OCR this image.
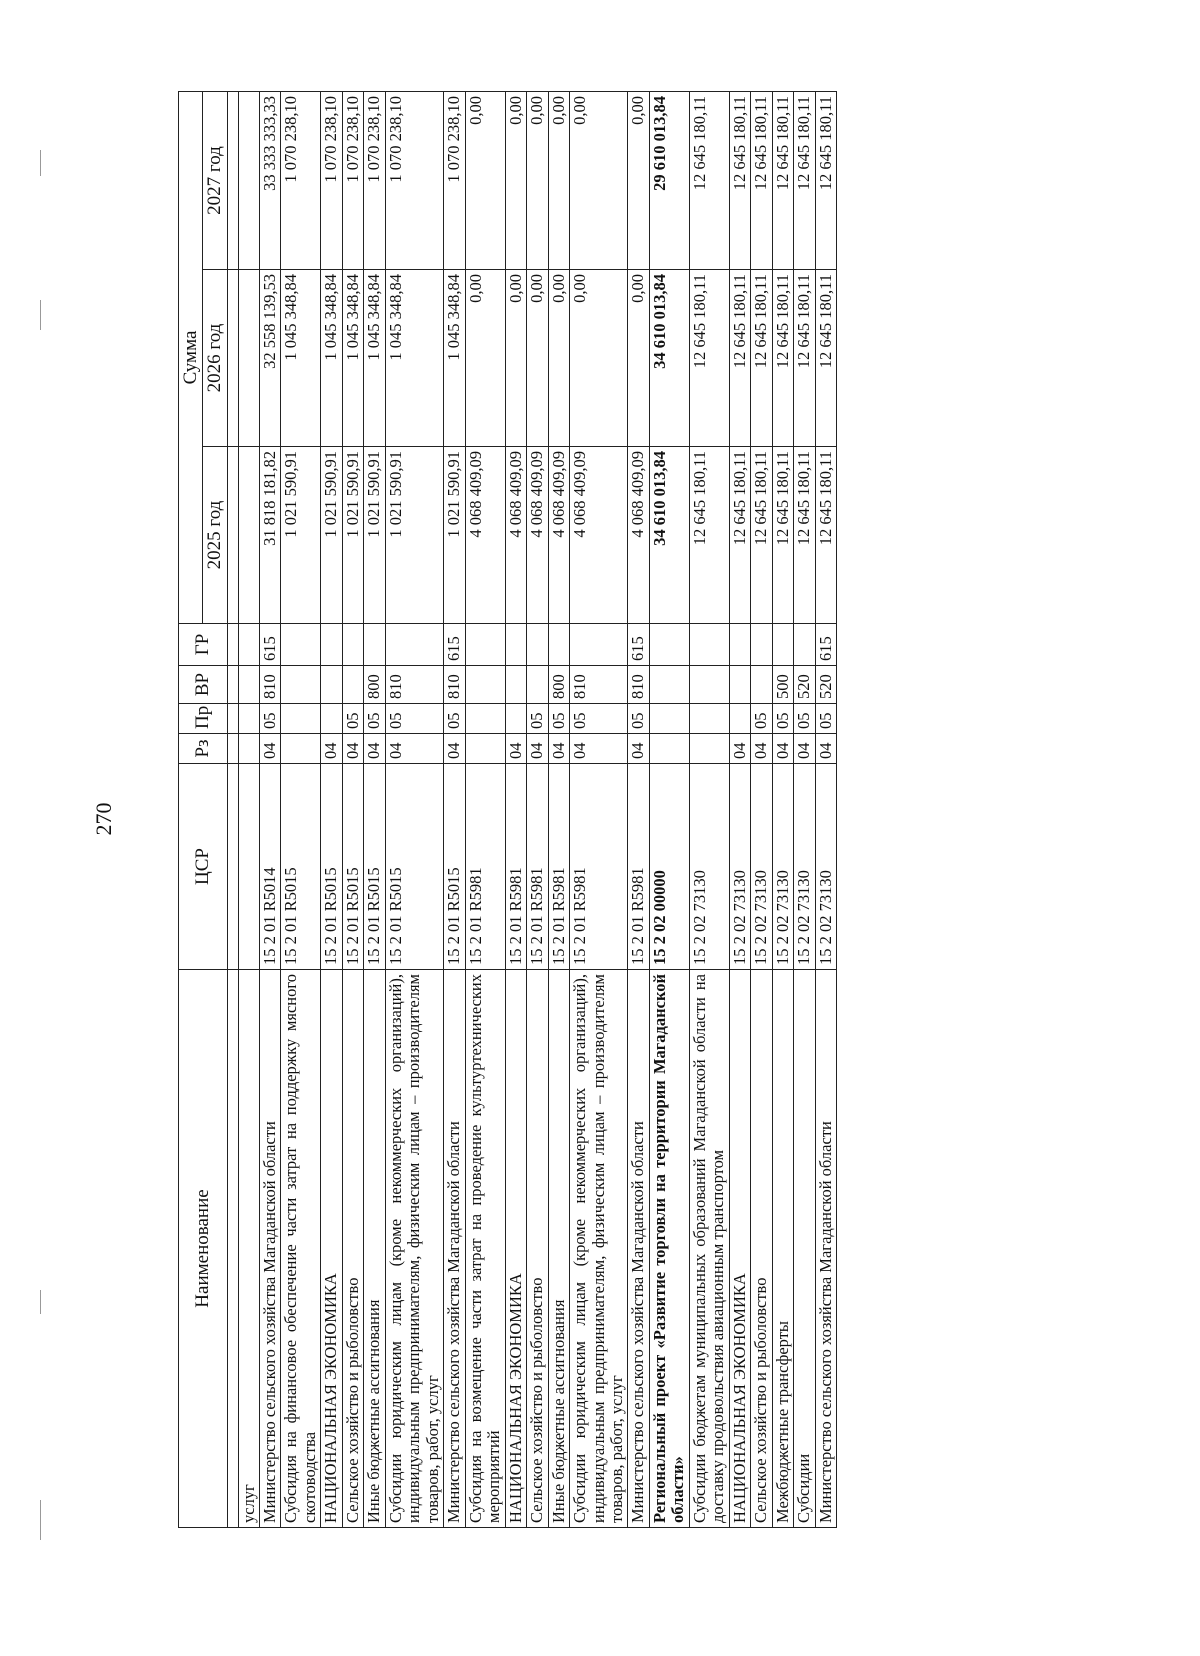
270
Наименование	ЦСР	Рз	Пр	ВР	ГР	Сумма		
						2025 год	2026 год	2027 год

услуг								
Министерство сельского хозяйства Магаданской области	15 2 01 R5014	04	05	810	615	31 818 181,82	32 558 139,53	33 333 333,33
Субсидия на финансовое обеспечение части затрат на поддержку мясного скотоводства	15 2 01 R5015					1 021 590,91	1 045 348,84	1 070 238,10
НАЦИОНАЛЬНАЯ ЭКОНОМИКА	15 2 01 R5015	04				1 021 590,91	1 045 348,84	1 070 238,10
Сельское хозяйство и рыболовство	15 2 01 R5015	04	05			1 021 590,91	1 045 348,84	1 070 238,10
Иные бюджетные ассигнования	15 2 01 R5015	04	05	800		1 021 590,91	1 045 348,84	1 070 238,10
Субсидии юридическим лицам (кроме некоммерческих организаций), индивидуальным предпринимателям, физическим лицам – производителям товаров, работ, услуг	15 2 01 R5015	04	05	810		1 021 590,91	1 045 348,84	1 070 238,10
Министерство сельского хозяйства Магаданской области	15 2 01 R5015	04	05	810	615	1 021 590,91	1 045 348,84	1 070 238,10
Субсидия на возмещение части затрат на проведение культуртехнических мероприятий	15 2 01 R5981					4 068 409,09	0,00	0,00
НАЦИОНАЛЬНАЯ ЭКОНОМИКА	15 2 01 R5981	04				4 068 409,09	0,00	0,00
Сельское хозяйство и рыболовство	15 2 01 R5981	04	05			4 068 409,09	0,00	0,00
Иные бюджетные ассигнования	15 2 01 R5981	04	05	800		4 068 409,09	0,00	0,00
Субсидии юридическим лицам (кроме некоммерческих организаций), индивидуальным предпринимателям, физическим лицам – производителям товаров, работ, услуг	15 2 01 R5981	04	05	810		4 068 409,09	0,00	0,00
Министерство сельского хозяйства Магаданской области	15 2 01 R5981	04	05	810	615	4 068 409,09	0,00	0,00
Региональный проект «Развитие торговли на территории Магаданской области»	15 2 02 00000					34 610 013,84	34 610 013,84	29 610 013,84
Субсидии бюджетам муниципальных образований Магаданской области на доставку продовольствия авиационным транспортом	15 2 02 73130					12 645 180,11	12 645 180,11	12 645 180,11
НАЦИОНАЛЬНАЯ ЭКОНОМИКА	15 2 02 73130	04				12 645 180,11	12 645 180,11	12 645 180,11
Сельское хозяйство и рыболовство	15 2 02 73130	04	05			12 645 180,11	12 645 180,11	12 645 180,11
Межбюджетные трансферты	15 2 02 73130	04	05	500		12 645 180,11	12 645 180,11	12 645 180,11
Субсидии	15 2 02 73130	04	05	520		12 645 180,11	12 645 180,11	12 645 180,11
Министерство сельского хозяйства Магаданской области	15 2 02 73130	04	05	520	615	12 645 180,11	12 645 180,11	12 645 180,11
